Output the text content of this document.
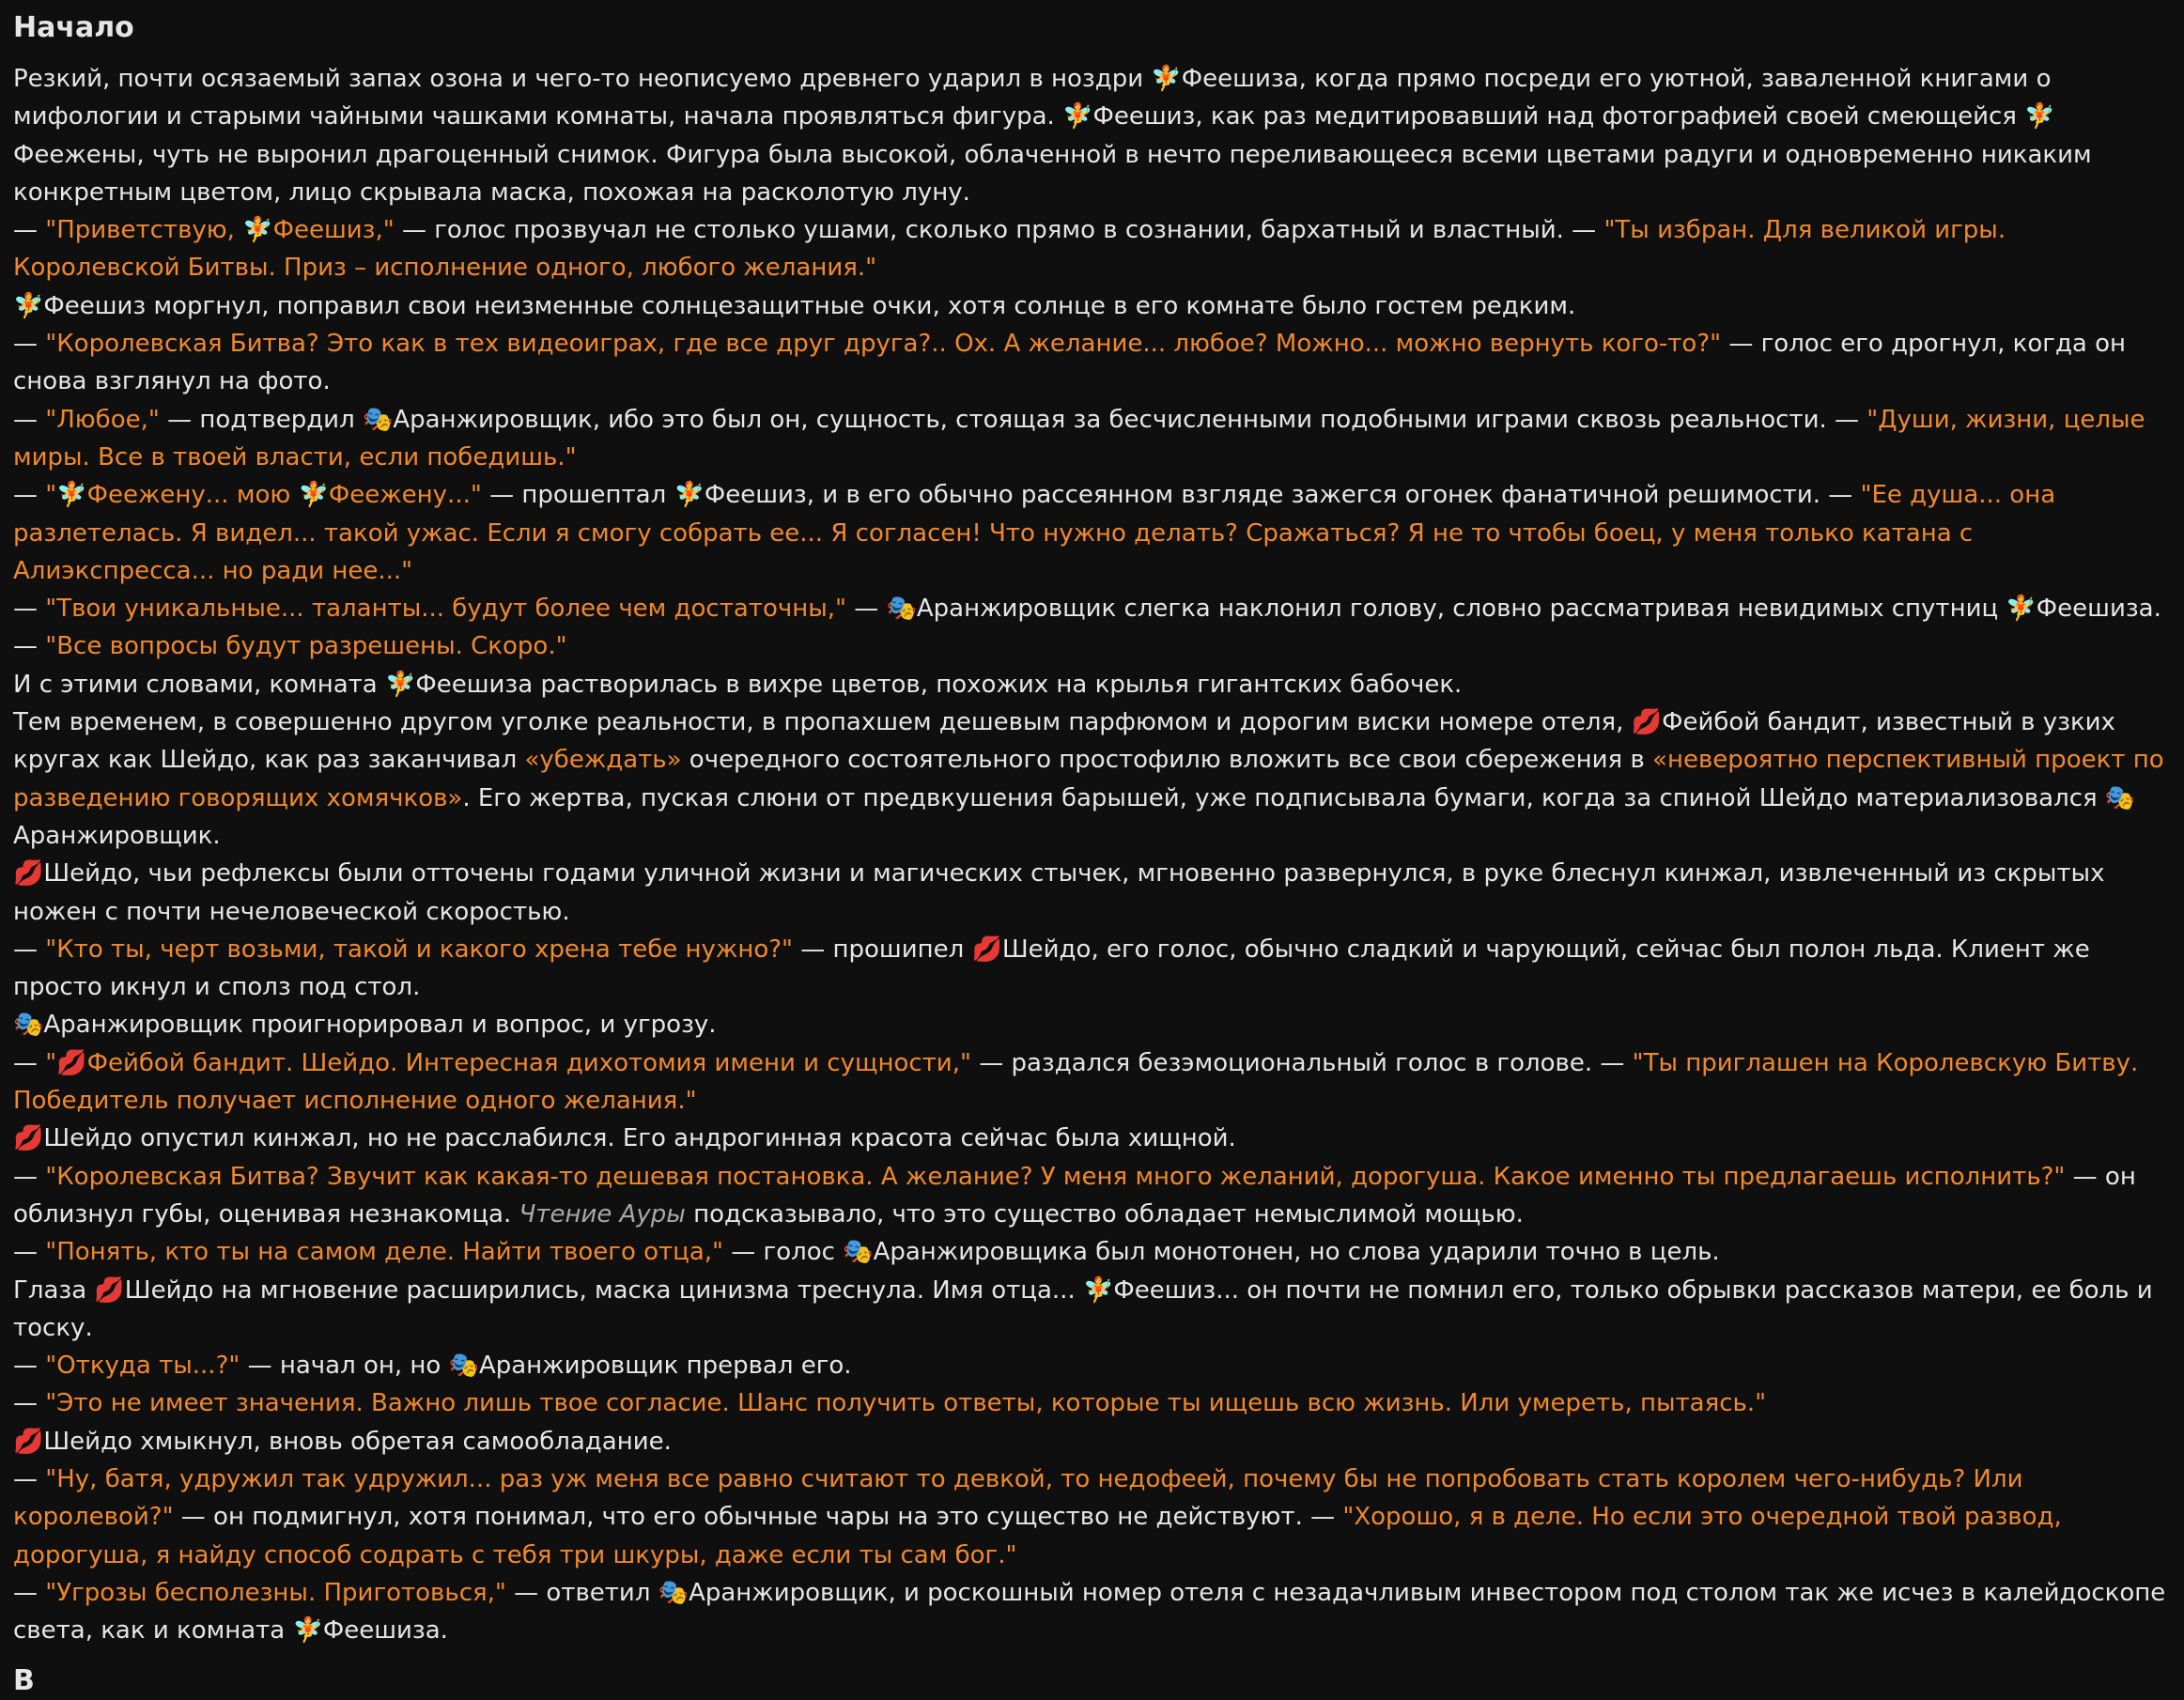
Начало

Резкий, почти осязаемый запах озона и чего-то неописуемо древнего ударил в ноздри 🧚Феешиза, когда прямо посреди его уютной, заваленной книгами о мифологии и старыми чайными чашками комнаты, начала проявляться фигура. 🧚Феешиз, как раз медитировавший над фотографией своей смеющейся 🧚Феежены, чуть не выронил драгоценный снимок. Фигура была высокой, облаченной в нечто переливающееся всеми цветами радуги и одновременно никаким конкретным цветом, лицо скрывала маска, похожая на расколотую луну.

— "Приветствую, 🧚Феешиз," — голос прозвучал не столько ушами, сколько прямо в сознании, бархатный и властный. — "Ты избран. Для великой игры. Королевской Битвы. Приз – исполнение одного, любого желания."

🧚Феешиз моргнул, поправил свои неизменные солнцезащитные очки, хотя солнце в его комнате было гостем редким.

— "Королевская Битва? Это как в тех видеоиграх, где все друг друга?.. Ох. А желание... любое? Можно... можно вернуть кого-то?" — голос его дрогнул, когда он снова взглянул на фото.

— "Любое," — подтвердил 🎭Аранжировщик, ибо это был он, сущность, стоящая за бесчисленными подобными играми сквозь реальности. — "Души, жизни, целые миры. Все в твоей власти, если победишь."

— "🧚Феежену... мою 🧚Феежену..." — прошептал 🧚Феешиз, и в его обычно рассеянном взгляде зажегся огонек фанатичной решимости. — "Ее душа... она разлетелась. Я видел... такой ужас. Если я смогу собрать ее... Я согласен! Что нужно делать? Сражаться? Я не то чтобы боец, у меня только катана с Алиэкспресса... но ради нее..."

— "Твои уникальные... таланты... будут более чем достаточны," — 🎭Аранжировщик слегка наклонил голову, словно рассматривая невидимых спутниц 🧚Феешиза. — "Все вопросы будут разрешены. Скоро."

И с этими словами, комната 🧚Феешиза растворилась в вихре цветов, похожих на крылья гигантских бабочек.

Тем временем, в совершенно другом уголке реальности, в пропахшем дешевым парфюмом и дорогим виски номере отеля, 💋Фейбой бандит, известный в узких кругах как Шейдо, как раз заканчивал «убеждать» очередного состоятельного простофилю вложить все свои сбережения в «невероятно перспективный проект по разведению говорящих хомячков». Его жертва, пуская слюни от предвкушения барышей, уже подписывала бумаги, когда за спиной Шейдо материализовался 🎭Аранжировщик.

💋Шейдо, чьи рефлексы были отточены годами уличной жизни и магических стычек, мгновенно развернулся, в руке блеснул кинжал, извлеченный из скрытых ножен с почти нечеловеческой скоростью.

— "Кто ты, черт возьми, такой и какого хрена тебе нужно?" — прошипел 💋Шейдо, его голос, обычно сладкий и чарующий, сейчас был полон льда. Клиент же просто икнул и сполз под стол.

🎭Аранжировщик проигнорировал и вопрос, и угрозу.

— "💋Фейбой бандит. Шейдо. Интересная дихотомия имени и сущности," — раздался безэмоциональный голос в голове. — "Ты приглашен на Королевскую Битву. Победитель получает исполнение одного желания."

💋Шейдо опустил кинжал, но не расслабился. Его андрогинная красота сейчас была хищной.

— "Королевская Битва? Звучит как какая-то дешевая постановка. А желание? У меня много желаний, дорогуша. Какое именно ты предлагаешь исполнить?" — он облизнул губы, оценивая незнакомца. Чтение Ауры подсказывало, что это существо обладает немыслимой мощью.

— "Понять, кто ты на самом деле. Найти твоего отца," — голос 🎭Аранжировщика был монотонен, но слова ударили точно в цель.

Глаза 💋Шейдо на мгновение расширились, маска цинизма треснула. Имя отца... 🧚Феешиз... он почти не помнил его, только обрывки рассказов матери, ее боль и тоску.

— "Откуда ты...?" — начал он, но 🎭Аранжировщик прервал его.

— "Это не имеет значения. Важно лишь твое согласие. Шанс получить ответы, которые ты ищешь всю жизнь. Или умереть, пытаясь."

💋Шейдо хмыкнул, вновь обретая самообладание.

— "Ну, батя, удружил так удружил... раз уж меня все равно считают то девкой, то недофеей, почему бы не попробовать стать королем чего-нибудь? Или королевой?" — он подмигнул, хотя понимал, что его обычные чары на это существо не действуют. — "Хорошо, я в деле. Но если это очередной твой развод, дорогуша, я найду способ содрать с тебя три шкуры, даже если ты сам бог."

— "Угрозы бесполезны. Приготовься," — ответил 🎭Аранжировщик, и роскошный номер отеля с незадачливым инвестором под столом так же исчез в калейдоскопе света, как и комната 🧚Феешиза.

В
